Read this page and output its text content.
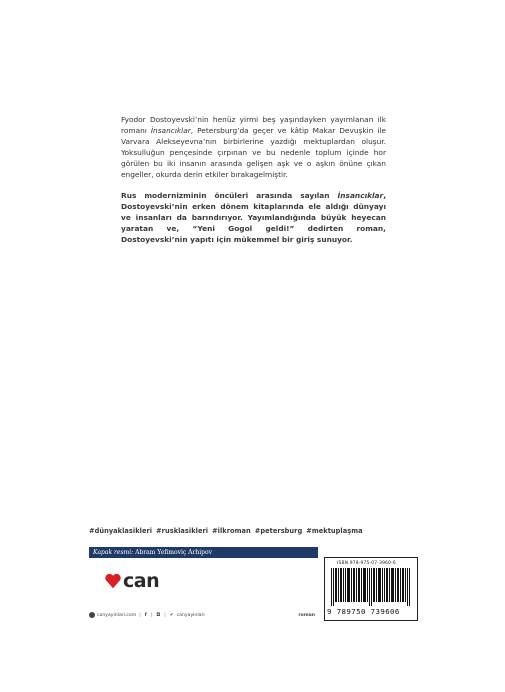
Fyodor Dostoyevski’nin henüz yirmi beş yaşındayken yayımlanan ilk romanı İnsancıklar, Petersburg’da geçer ve kâtip Makar Devuşkin ile Varvara Alekseyevna’nın birbirlerine yazdığı mektuplardan oluşur. Yoksulluğun pençesinde çırpınan ve bu nedenle toplum içinde hor görülen bu iki insanın arasında gelişen aşk ve o aşkın önüne çıkan engeller, okurda derin etkiler bırakagelmiştir.

Rus modernizminin öncüleri arasında sayılan İnsancıklar, Dostoyevski’nin erken dönem kitaplarında ele aldığı dünyayı ve insanları da barındırıyor. Yayımlandığında büyük heyecan yaratan ve, “Yeni Gogol geldi!” dedirten roman, Dostoyevski’nin yapıtı için mükemmel bir giriş sunuyor.

#dünyaklasikleri #rusklasikleri #ilkroman #petersburg #mektuplaşma
Kapak resmi: Abram Yefimoviç Arhipov
can
canyayinlari.com | f | ◘ | ✔ canyayinlari	roman
ISBN 978-975-07-3960-6
9 789750 739606
